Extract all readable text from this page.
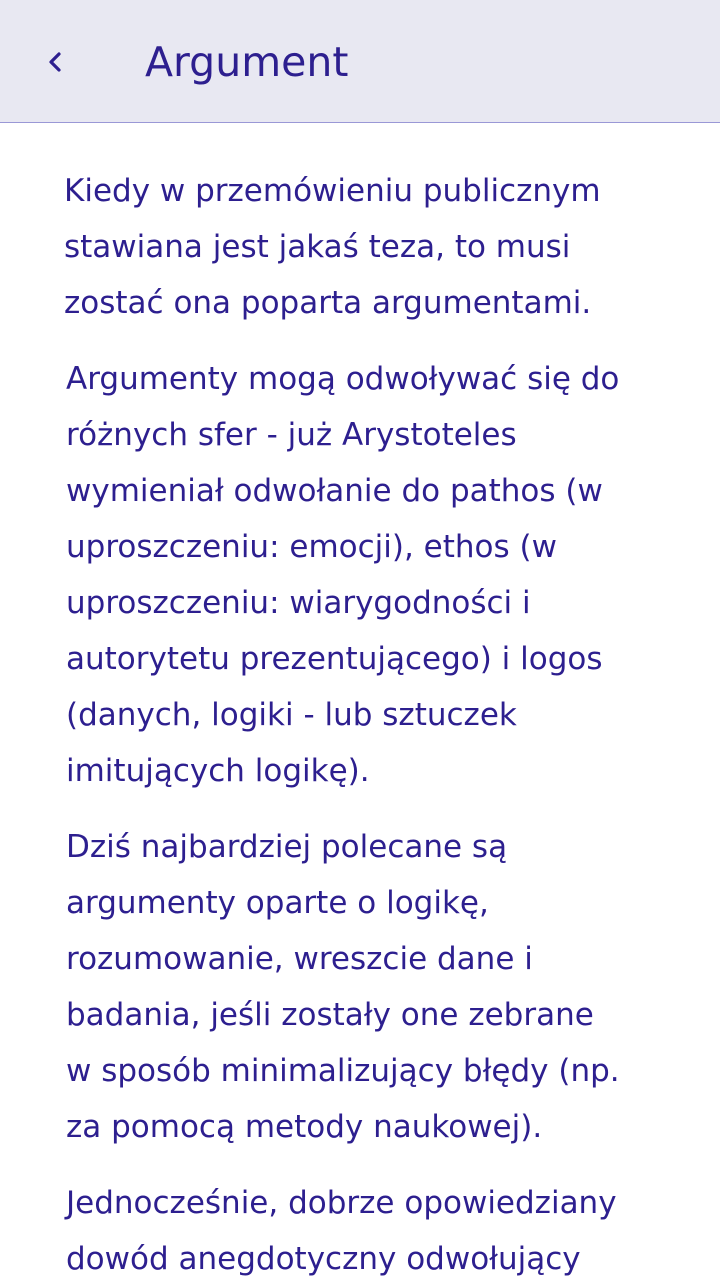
Argument

Kiedy w przemówieniu publicznym
stawiana jest jakaś teza, to musi
zostać ona poparta argumentami.

Argumenty mogą odwoływać się do
różnych sfer - już Arystoteles
wymieniał odwołanie do pathos (w
uproszczeniu: emocji), ethos (w
uproszczeniu: wiarygodności i
autorytetu prezentującego) i logos
(danych, logiki - lub sztuczek
imitujących logikę).

Dziś najbardziej polecane są
argumenty oparte o logikę,
rozumowanie, wreszcie dane i
badania, jeśli zostały one zebrane
w sposób minimalizujący błędy (np.
za pomocą metody naukowej).

Jednocześnie, dobrze opowiedziany
dowód anegdotyczny odwołujący
